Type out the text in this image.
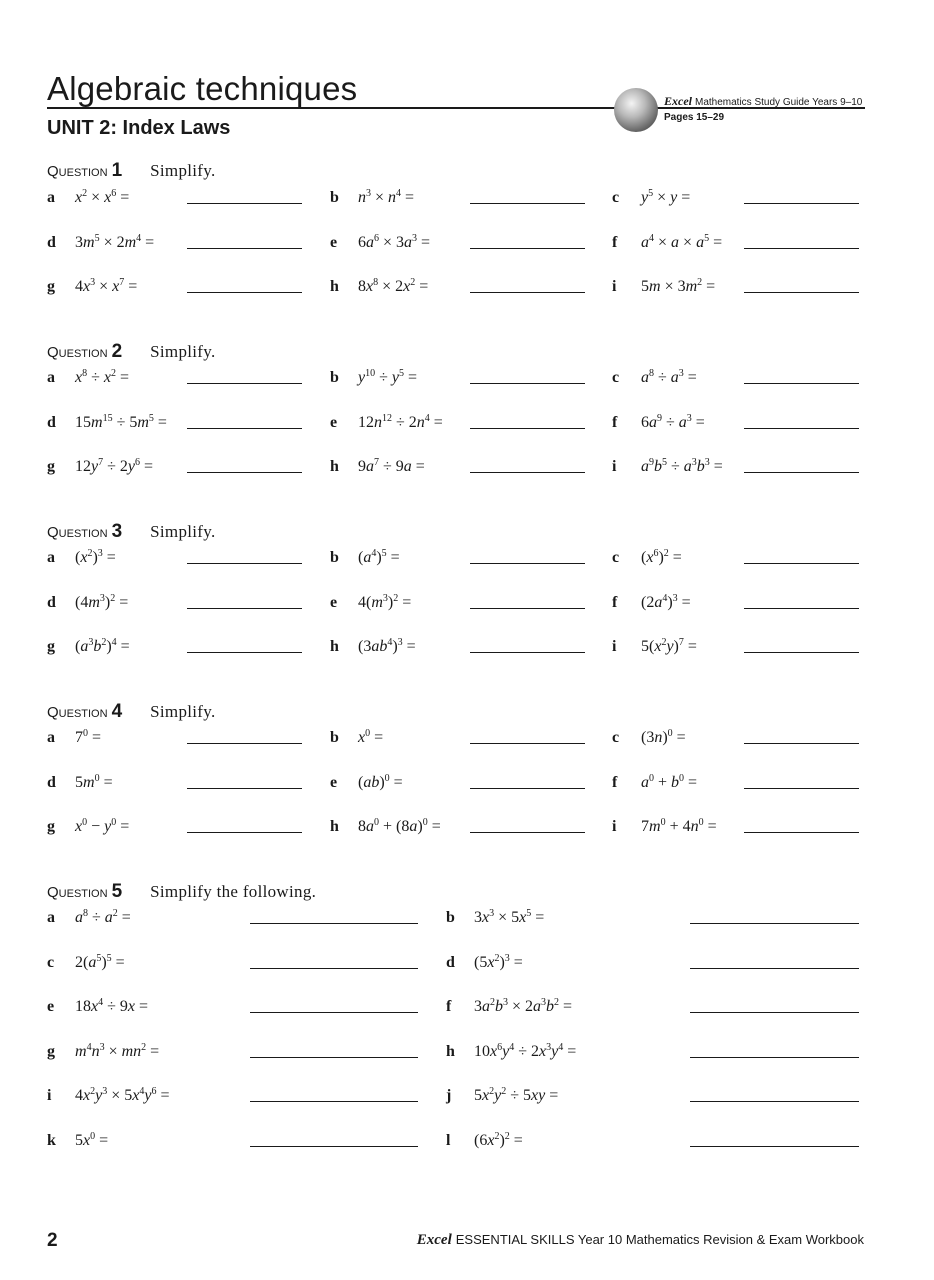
Algebraic techniques
UNIT 2: Index Laws
Excel Mathematics Study Guide Years 9–10
Pages 15–29
Question 1 Simplify.
a $x^2 \times x^6$ =	b $n^3 \times n^4$ =	c $y^5 \times y$ =
d $3m^5 \times 2m^4$ =	e $6a^6 \times 3a^3$ =	f $a^4 \times a \times a^5$ =
g $4x^3 \times x^7$ =	h $8x^8 \times 2x^2$ =	i $5m \times 3m^2$ =
Question 2 Simplify.
a $x^8 \div x^2$ =	b $y^{10} \div y^5$ =	c $a^8 \div a^3$ =
d $15m^{15} \div 5m^5$ =	e $12n^{12} \div 2n^4$ =	f $6a^9 \div a^3$ =
g $12y^7 \div 2y^6$ =	h $9a^7 \div 9a$ =	i $a^9b^5 \div a^3b^3$ =
Question 3 Simplify.
a $(x^2)^3$ =	b $(a^4)^5$ =	c $(x^6)^2$ =
d $(4m^3)^2$ =	e $4(m^3)^2$ =	f $(2a^4)^3$ =
g $(a^3b^2)^4$ =	h $(3ab^4)^3$ =	i $5(x^2y)^7$ =
Question 4 Simplify.
a $7^0$ =	b $x^0$ =	c $(3n)^0$ =
d $5m^0$ =	e (ab)$^0$ =	f $a^0 + b^0$ =
g $x^0 - y^0$ =	h $8a^0 + (8a)^0$ =	i $7m^0 + 4n^0$ =
Question 5 Simplify the following.
a $a^8 \div a^2$ =	b $3x^3 \times 5x^5$ =
c $2(a^5)^5$ =	d $(5x^2)^3$ =
e $18x^4 \div 9x$ =	f $3a^2b^3 \times 2a^3b^2$ =
g $m^4n^3 \times mn^2$ =	h $10x^6y^4 \div 2x^3y^4$ =
i $4x^2y^3 \times 5x^4y^6$ =	j $5x^2y^2 \div 5xy$ =
k $5x^0$ =	l $(6x^2)^2$ =
2	Excel ESSENTIAL SKILLS Year 10 Mathematics Revision & Exam Workbook
